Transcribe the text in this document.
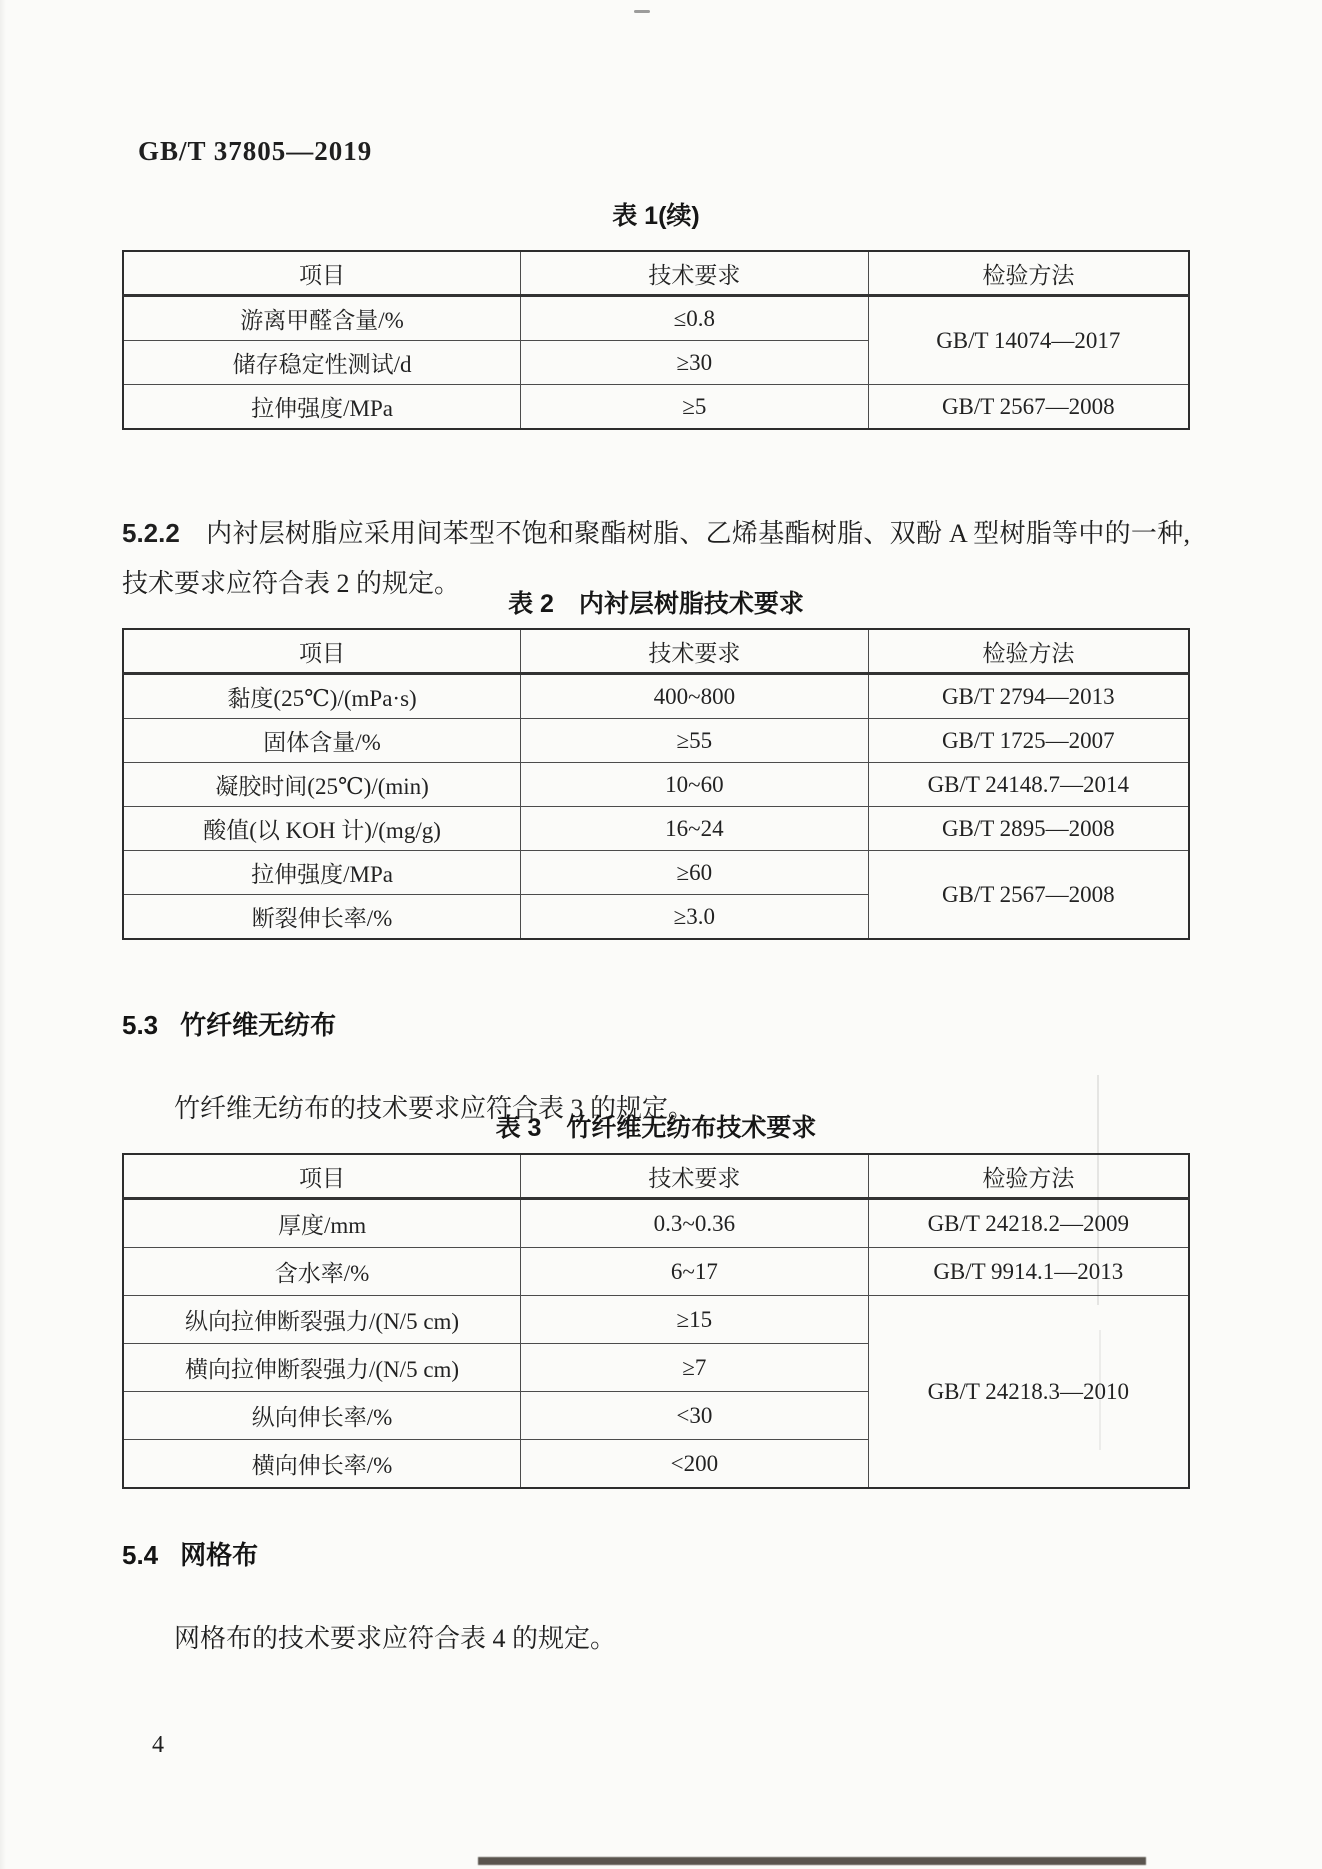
GB/T 37805—2019
表 1(续)
项目	技术要求	检验方法
游离甲醛含量/%	≤0.8	GB/T 14074—2017
储存稳定性测试/d	≥30	
拉伸强度/MPa	≥5	GB/T 2567—2008

5.2.2 内衬层树脂应采用间苯型不饱和聚酯树脂、乙烯基酯树脂、双酚 A 型树脂等中的一种,技术要求应符合表 2 的规定。

表 2　内衬层树脂技术要求
项目	技术要求	检验方法
黏度(25℃)/(mPa·s)	400~800	GB/T 2794—2013
固体含量/%	≥55	GB/T 1725—2007
凝胶时间(25℃)/(min)	10~60	GB/T 24148.7—2014
酸值(以 KOH 计)/(mg/g)	16~24	GB/T 2895—2008
拉伸强度/MPa	≥60	GB/T 2567—2008
断裂伸长率/%	≥3.0	
5.3 竹纤维无纺布

竹纤维无纺布的技术要求应符合表 3 的规定。

表 3　竹纤维无纺布技术要求
项目	技术要求	检验方法
厚度/mm	0.3~0.36	GB/T 24218.2—2009
含水率/%	6~17	GB/T 9914.1—2013
纵向拉伸断裂强力/(N/5 cm)	≥15	GB/T 24218.3—2010
横向拉伸断裂强力/(N/5 cm)	≥7	
纵向伸长率/%	<30	
横向伸长率/%	<200	
5.4 网格布

网格布的技术要求应符合表 4 的规定。

4
